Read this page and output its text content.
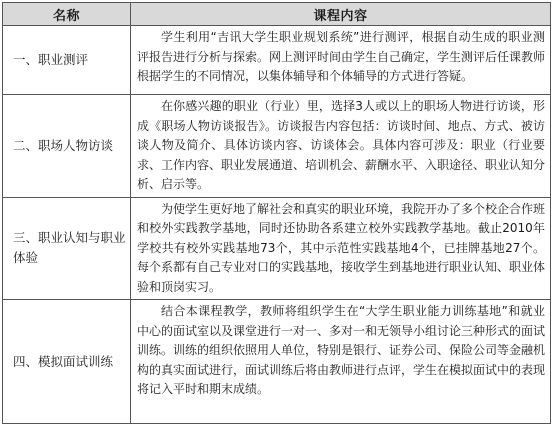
名称	课程内容
一、职业测评	学生利用“吉讯大学生职业规划系统”进行测评，根据自动生成的职业测评报告进行分析与探索。网上测评时间由学生自己确定，学生测评后任课教师根据学生的不同情况，以集体辅导和个体辅导的方式进行答疑。
二、职场人物访谈	在你感兴趣的职业（行业）里，选择3人或以上的职场人物进行访谈，形成《职场人物访谈报告》。访谈报告内容包括：访谈时间、地点、方式、被访谈人物及简介、具体访谈内容、访谈体会。具体内容可涉及：职业（行业要求、工作内容、职业发展通道、培训机会、薪酬水平、入职途径、职业认知分析、启示等。
三、职业认知与职业体验	为使学生更好地了解社会和真实的职业环境，我院开办了多个校企合作班和校外实践教学基地，同时还协助各系建立校外实践教学基地。截止2010年学校共有校外实践基地73个，其中示范性实践基地4个，已挂牌基地27个。每个系都有自己专业对口的实践基地，接收学生到基地进行职业认知、职业体验和顶岗实习。
四、模拟面试训练	结合本课程教学，教师将组织学生在“大学生职业能力训练基地”和就业中心的面试室以及课堂进行一对一、多对一和无领导小组讨论三种形式的面试训练。训练的组织依照用人单位，特别是银行、证券公司、保险公司等金融机构的真实面试进行，面试训练后将由教师进行点评，学生在模拟面试中的表现将记入平时和期末成绩。
